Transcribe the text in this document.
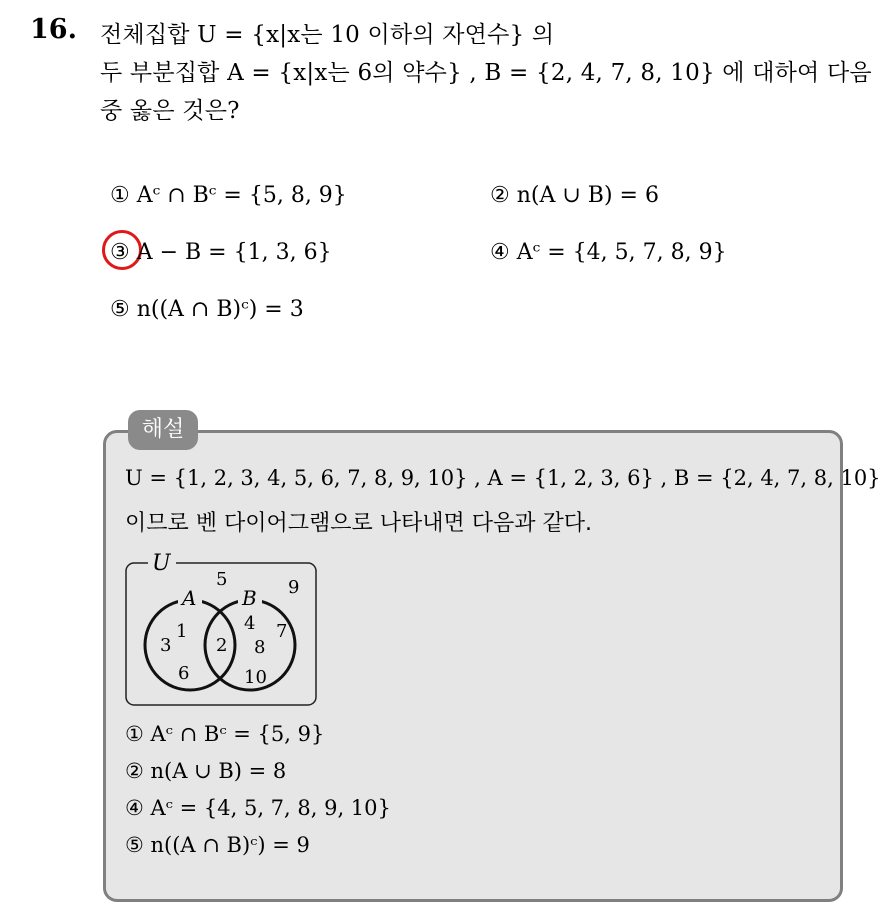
16. 전체집합 U = {x|x는 10 이하의 자연수} 의
두 부분집합 A = {x|x는 6의 약수} , B = {2, 4, 7, 8, 10} 에 대하여 다음
중 옳은 것은?
① Aᶜ ∩ Bᶜ = {5, 8, 9}	② n(A ∪ B) = 6
③ A − B = {1, 3, 6}	④ Aᶜ = {4, 5, 7, 8, 9}
⑤ n((A ∩ B)ᶜ) = 3
해설
U = {1, 2, 3, 4, 5, 6, 7, 8, 9, 10} , A = {1, 2, 3, 6} , B = {2, 4, 7, 8, 10}
이므로 벤 다이어그램으로 나타내면 다음과 같다.
U
A B
5	9
1
3
6
2
4
8
7
10
① Aᶜ ∩ Bᶜ = {5, 9}
② n(A ∪ B) = 8
④ Aᶜ = {4, 5, 7, 8, 9, 10}
⑤ n((A ∩ B)ᶜ) = 9
